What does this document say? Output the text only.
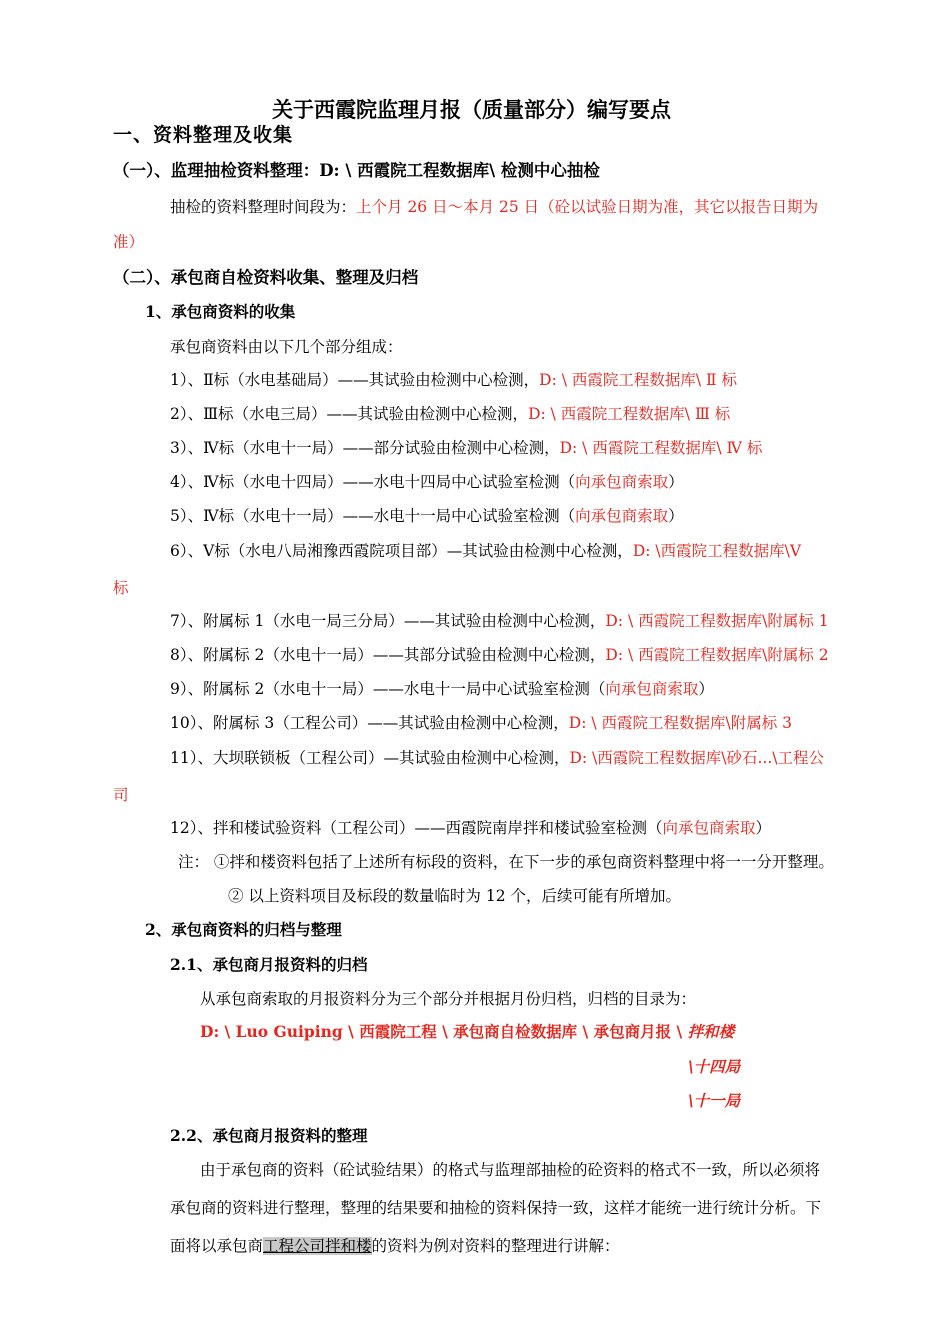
关于西霞院监理月报（质量部分）编写要点
一、资料整理及收集
（一）、监理抽检资料整理：D: \ 西霞院工程数据库\ 检测中心抽检
抽检的资料整理时间段为：上个月 26 日～本月 25 日（砼以试验日期为准，其它以报告日期为
准）
（二）、承包商自检资料收集、整理及归档
1、承包商资料的收集
承包商资料由以下几个部分组成：
1）、Ⅱ标（水电基础局）——其试验由检测中心检测，D: \ 西霞院工程数据库\ Ⅱ 标
2）、Ⅲ标（水电三局）——其试验由检测中心检测，D: \ 西霞院工程数据库\ Ⅲ 标
3）、Ⅳ标（水电十一局）——部分试验由检测中心检测，D: \ 西霞院工程数据库\ Ⅳ 标
4）、Ⅳ标（水电十四局）——水电十四局中心试验室检测（向承包商索取）
5）、Ⅳ标（水电十一局）——水电十一局中心试验室检测（向承包商索取）
6）、Ⅴ标（水电八局湘豫西霞院项目部）—其试验由检测中心检测，D: \西霞院工程数据库\Ⅴ
标
7）、附属标 1（水电一局三分局）——其试验由检测中心检测，D: \ 西霞院工程数据库\附属标 1
8）、附属标 2（水电十一局）——其部分试验由检测中心检测，D: \ 西霞院工程数据库\附属标 2
9）、附属标 2（水电十一局）——水电十一局中心试验室检测（向承包商索取）
10）、附属标 3（工程公司）——其试验由检测中心检测，D: \ 西霞院工程数据库\附属标 3
11）、大坝联锁板（工程公司）—其试验由检测中心检测，D: \西霞院工程数据库\砂石...\工程公
司
12）、拌和楼试验资料（工程公司）——西霞院南岸拌和楼试验室检测（向承包商索取）
注： ①拌和楼资料包括了上述所有标段的资料，在下一步的承包商资料整理中将一一分开整理。
② 以上资料项目及标段的数量临时为 12 个，后续可能有所增加。
2、承包商资料的归档与整理
2.1、承包商月报资料的归档
从承包商索取的月报资料分为三个部分并根据月份归档，归档的目录为：
D: \ Luo Guiping \ 西霞院工程 \ 承包商自检数据库 \ 承包商月报 \ 拌和楼
\十四局
\十一局
2.2、承包商月报资料的整理
由于承包商的资料（砼试验结果）的格式与监理部抽检的砼资料的格式不一致，所以必须将
承包商的资料进行整理，整理的结果要和抽检的资料保持一致，这样才能统一进行统计分析。下
面将以承包商工程公司拌和楼的资料为例对资料的整理进行讲解：
